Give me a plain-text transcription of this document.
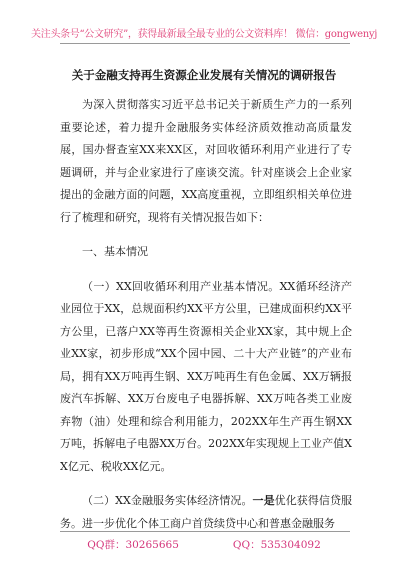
关注头条号“公文研究”，获得最新最全最专业的公文资料库！ 微信：gongwenyj
关于金融支持再生资源企业发展有关情况的调研报告

为深入贯彻落实习近平总书记关于新质生产力的一系列重要论述，着力提升金融服务实体经济质效推动高质量发展，国办督查室XX来XX区，对回收循环利用产业进行了专题调研，并与企业家进行了座谈交流。针对座谈会上企业家提出的金融方面的问题，XX高度重视，立即组织相关单位进行了梳理和研究，现将有关情况报告如下：

一、基本情况

（一）XX回收循环利用产业基本情况。XX循环经济产业园位于XX，总规面积约XX平方公里，已建成面积约XX平方公里，已落户XX等再生资源相关企业XX家，其中规上企业XX家，初步形成“XX个园中园、二十大产业链”的产业布局，拥有XX万吨再生钢、XX万吨再生有色金属、XX万辆报废汽车拆解、XX万台废电子电器拆解、XX万吨各类工业废弃物（油）处理和综合利用能力，202XX年生产再生钢XX万吨，拆解电子电器XX万台。202XX年实现规上工业产值XX亿元、税收XX亿元。

（二）XX金融服务实体经济情况。一是优化获得信贷服务。进一步优化个体工商户首贷续贷中心和普惠金融服务

QQ群：30265665	QQ：535304092
